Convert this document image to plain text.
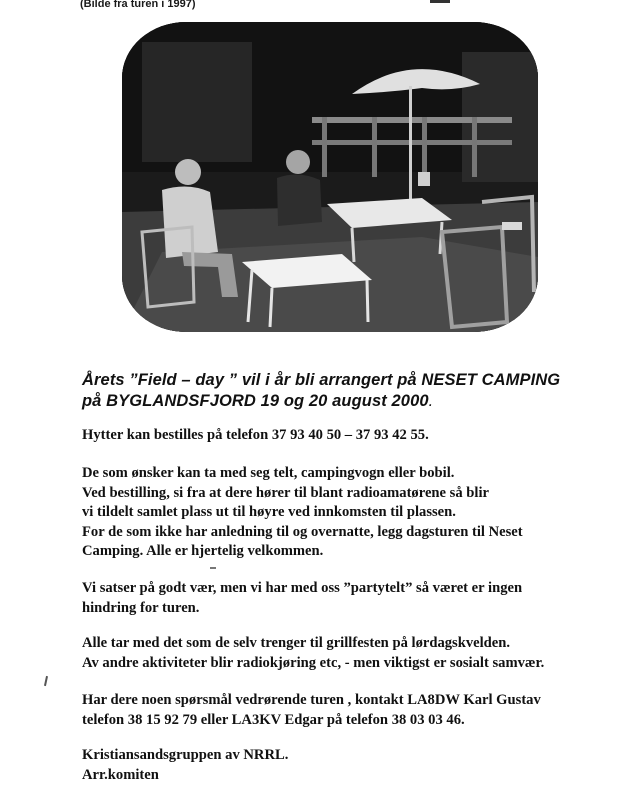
(Bilde fra turen i 1997)
Årets ”Field – day ” vil i år bli arrangert på NESET CAMPING
på BYGLANDSFJORD 19 og 20 august 2000.

Hytter kan bestilles på telefon 37 93 40 50 – 37 93 42 55.

De som ønsker kan ta med seg telt, campingvogn eller bobil.

Ved bestilling, si fra at dere hører til blant radioamatørene så blir

vi tildelt samlet plass ut til høyre ved innkomsten til plassen.

For de som ikke har anledning til og overnatte, legg dagsturen til Neset

Camping. Alle er hjertelig velkommen.

Vi satser på godt vær, men vi har med oss ”partytelt” så været er ingen

hindring for turen.

Alle tar med det som de selv trenger til grillfesten på lørdagskvelden.

Av andre aktiviteter blir radiokjøring etc, - men viktigst er sosialt samvær.

Har dere noen spørsmål vedrørende turen , kontakt LA8DW Karl Gustav

telefon 38 15 92 79 eller LA3KV Edgar på telefon 38 03 03 46.

Kristiansandsgruppen av NRRL.

Arr.komiten
